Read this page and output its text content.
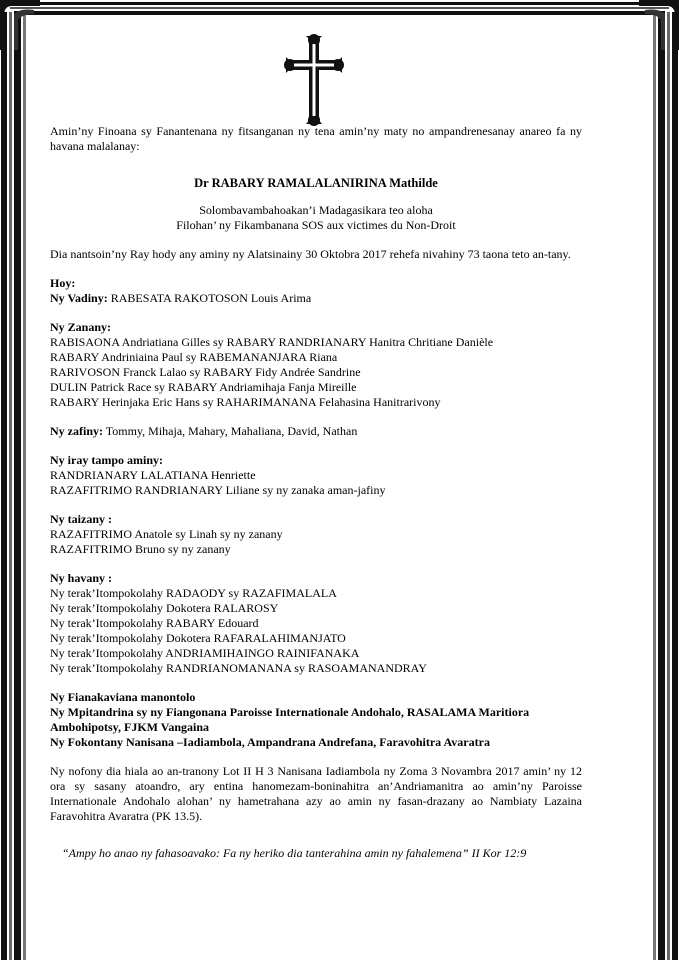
Amin’ny Finoana sy Fanantenana ny fitsanganan ny tena amin’ny maty no ampandrenesanay anareo fa ny havana malalanay:

Dr RABARY RAMALALANIRINA Mathilde

Solombavambahoakan’i Madagasikara teo aloha

Filohan’ ny Fikambanana SOS aux victimes du Non-Droit

Dia nantsoin’ny Ray hody any aminy ny Alatsinainy 30 Oktobra 2017 rehefa nivahiny 73 taona teto an-tany.

Hoy:

Ny Vadiny: RABESATA RAKOTOSON Louis Arima

Ny Zanany:

RABISAONA Andriatiana Gilles sy RABARY RANDRIANARY Hanitra Chritiane Danièle

RABARY Andriniaina Paul sy RABEMANANJARA Riana

RARIVOSON Franck Lalao sy RABARY Fidy Andrée Sandrine

DULIN Patrick Race sy RABARY Andriamihaja Fanja Mireille

RABARY Herinjaka Eric Hans sy RAHARIMANANA Felahasina Hanitrarivony

Ny zafiny: Tommy, Mihaja, Mahary, Mahaliana, David, Nathan

Ny iray tampo aminy:

RANDRIANARY LALATIANA Henriette

RAZAFITRIMO RANDRIANARY Liliane sy ny zanaka aman-jafiny

Ny taizany :

RAZAFITRIMO Anatole sy Linah sy ny zanany

RAZAFITRIMO Bruno sy ny zanany

Ny havany :

Ny terak’Itompokolahy RADAODY sy RAZAFIMALALA

Ny terak’Itompokolahy Dokotera RALAROSY

Ny terak’Itompokolahy RABARY Edouard

Ny terak’Itompokolahy Dokotera RAFARALAHIMANJATO

Ny terak’Itompokolahy ANDRIAMIHAINGO RAINIFANAKA

Ny terak’Itompokolahy RANDRIANOMANANA sy RASOAMANANDRAY

Ny Fianakaviana manontolo

Ny Mpitandrina sy ny Fiangonana Paroisse Internationale Andohalo, RASALAMA Maritiora Ambohipotsy, FJKM Vangaina

Ny Fokontany Nanisana –Iadiambola, Ampandrana Andrefana, Faravohitra Avaratra

Ny nofony dia hiala ao an-tranony Lot II H 3 Nanisana Iadiambola ny Zoma 3 Novambra 2017 amin’ ny 12 ora sy sasany atoandro, ary entina hanomezam-boninahitra an’Andriamanitra ao amin’ny Paroisse Internationale Andohalo alohan’ ny hametrahana azy ao amin ny fasan-drazany ao Nambiaty Lazaina Faravohitra Avaratra (PK 13.5).

“Ampy ho anao ny fahasoavako: Fa ny heriko dia tanterahina amin ny fahalemena” II Kor 12:9
